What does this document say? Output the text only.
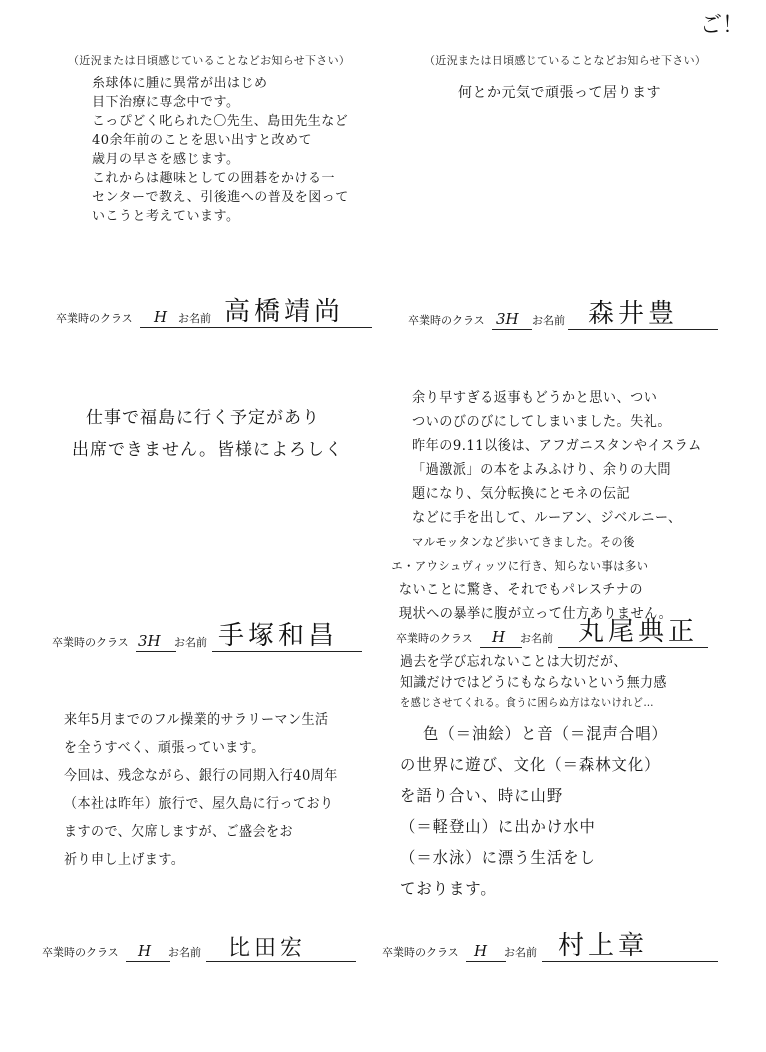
ご！
（近況または日頃感じていることなどお知らせ下さい）	（近況または日頃感じていることなどお知らせ下さい）
糸球体に腫に異常が出はじめ
目下治療に専念中です。
こっぴどく叱られた〇先生、島田先生など
40余年前のことを思い出すと改めて
歳月の早さを感じます。
これからは趣味としての囲碁をかける一
センターで教え、引後進への普及を図って
いこうと考えています。
何とか元気で頑張って居ります
卒業時のクラス H お名前 高橋靖尚	卒業時のクラス 3H お名前 森井豊
仕事で福島に行く予定があり
出席できません。皆様によろしく
余り早すぎる返事もどうかと思い、つい
ついのびのびにしてしまいました。失礼。
昨年の9.11以後は、アフガニスタンやイスラム
「過激派」の本をよみふけり、余りの大問
題になり、気分転換にとモネの伝記
などに手を出して、ルーアン、ジベルニー、
マルモッタンなど歩いてきました。その後
エ・アウシュヴィッツに行き、知らない事は多い
ないことに驚き、それでもパレスチナの
現状への暴挙に腹が立って仕方ありません。
卒業時のクラス 3H お名前 手塚和昌	卒業時のクラス H お名前 丸尾典正
過去を学び忘れないことは大切だが、
知識だけではどうにもならないという無力感
を感じさせてくれる。食うに困らぬ方はないけれど…
来年5月までのフル操業的サラリーマン生活
を全うすべく、頑張っています。
今回は、残念ながら、銀行の同期入行40周年
（本社は昨年）旅行で、屋久島に行っており
ますので、欠席しますが、ご盛会をお
祈り申し上げます。
色（＝油絵）と音（＝混声合唱）
の世界に遊び、文化（＝森林文化）
を語り合い、時に山野
（＝軽登山）に出かけ水中
（＝水泳）に漂う生活をし
ております。
卒業時のクラス H お名前 比田宏	卒業時のクラス H お名前 村上章
